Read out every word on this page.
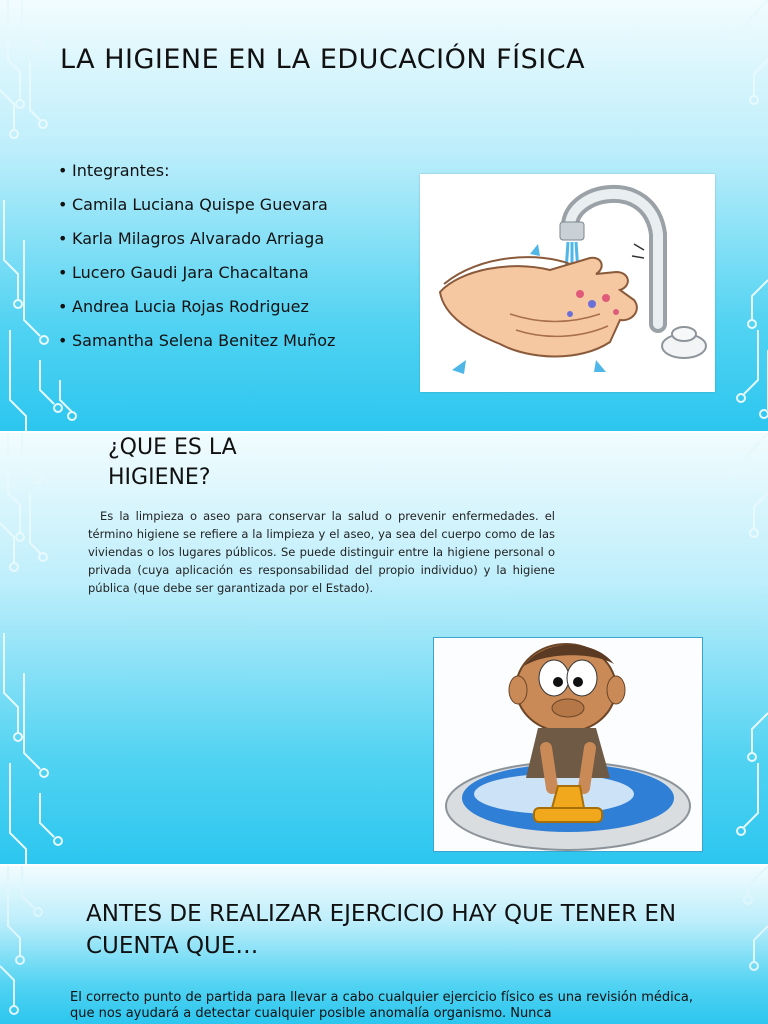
LA HIGIENE EN LA EDUCACIÓN FÍSICA
• Integrantes:
• Camila Luciana Quispe Guevara
• Karla Milagros Alvarado Arriaga
• Lucero Gaudi Jara Chacaltana
• Andrea Lucia Rojas Rodriguez
• Samantha Selena Benitez Muñoz
¿QUE ES LA HIGIENE?

Es la limpieza o aseo para conservar la salud o prevenir enfermedades. el término higiene se refiere a la limpieza y el aseo, ya sea del cuerpo como de las viviendas o los lugares públicos. Se puede distinguir entre la higiene personal o privada (cuya aplicación es responsabilidad del propio individuo) y la higiene pública (que debe ser garantizada por el Estado).

ANTES DE REALIZAR EJERCICIO HAY QUE TENER EN CUENTA QUE…

El correcto punto de partida para llevar a cabo cualquier ejercicio físico es una revisión médica, que nos ayudará a detectar cualquier posible anomalía organismo. Nunca
